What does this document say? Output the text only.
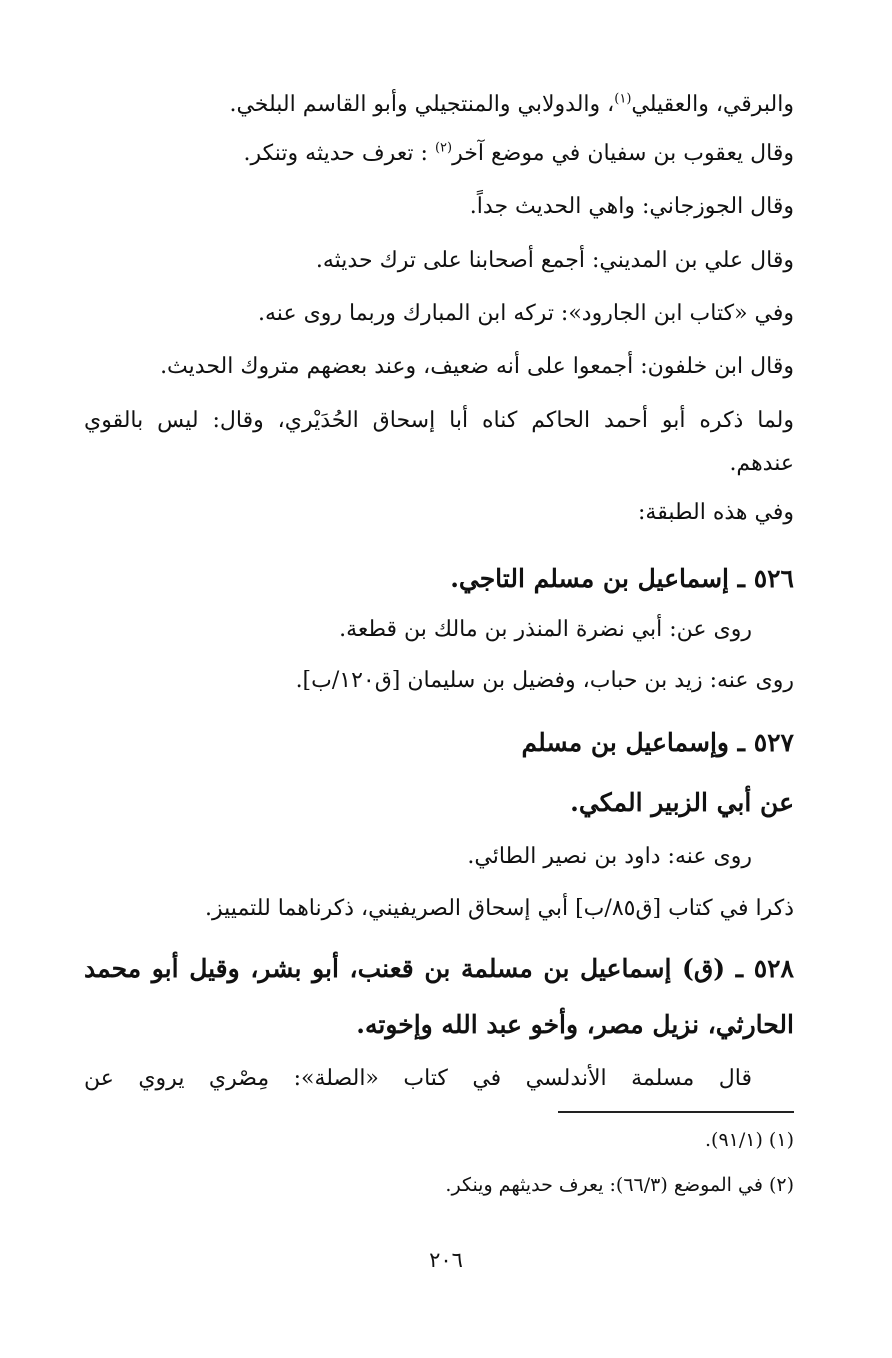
والبرقي، والعقيلي$^{(١)}$، والدولابي والمنتجيلي وأبو القاسم البلخي.
وقال يعقوب بن سفيان في موضع آخر$^{(٢)}$ : تعرف حديثه وتنكر.
وقال الجوزجاني: واهي الحديث جداً.
وقال علي بن المديني: أجمع أصحابنا على ترك حديثه.
وفي «كتاب ابن الجارود»: تركه ابن المبارك وربما روى عنه.
وقال ابن خلفون: أجمعوا على أنه ضعيف، وعند بعضهم متروك الحديث.
ولما ذكره أبو أحمد الحاكم كناه أبا إسحاق الحُدَيْري، وقال: ليس بالقوي
عندهم.
وفي هذه الطبقة:
٥٢٦ ـ إسماعيل بن مسلم التاجي.
روى عن: أبي نضرة المنذر بن مالك بن قطعة.
روى عنه: زيد بن حباب، وفضيل بن سليمان [ق١٢٠/ب].
٥٢٧ ـ وإسماعيل بن مسلم
عن أبي الزبير المكي.
روى عنه: داود بن نصير الطائي.
ذكرا في كتاب [ق٨٥/ب] أبي إسحاق الصريفيني، ذكرناهما للتمييز.
٥٢٨ ـ (ق) إسماعيل بن مسلمة بن قعنب، أبو بشر، وقيل أبو محمد
الحارثي، نزيل مصر، وأخو عبد الله وإخوته.
قال مسلمة الأندلسي في كتاب «الصلة»: مِصْري يروي عن
(١) (٩١/١).
(٢) في الموضع (٦٦/٣): يعرف حديثهم وينكر.
٢٠٦
